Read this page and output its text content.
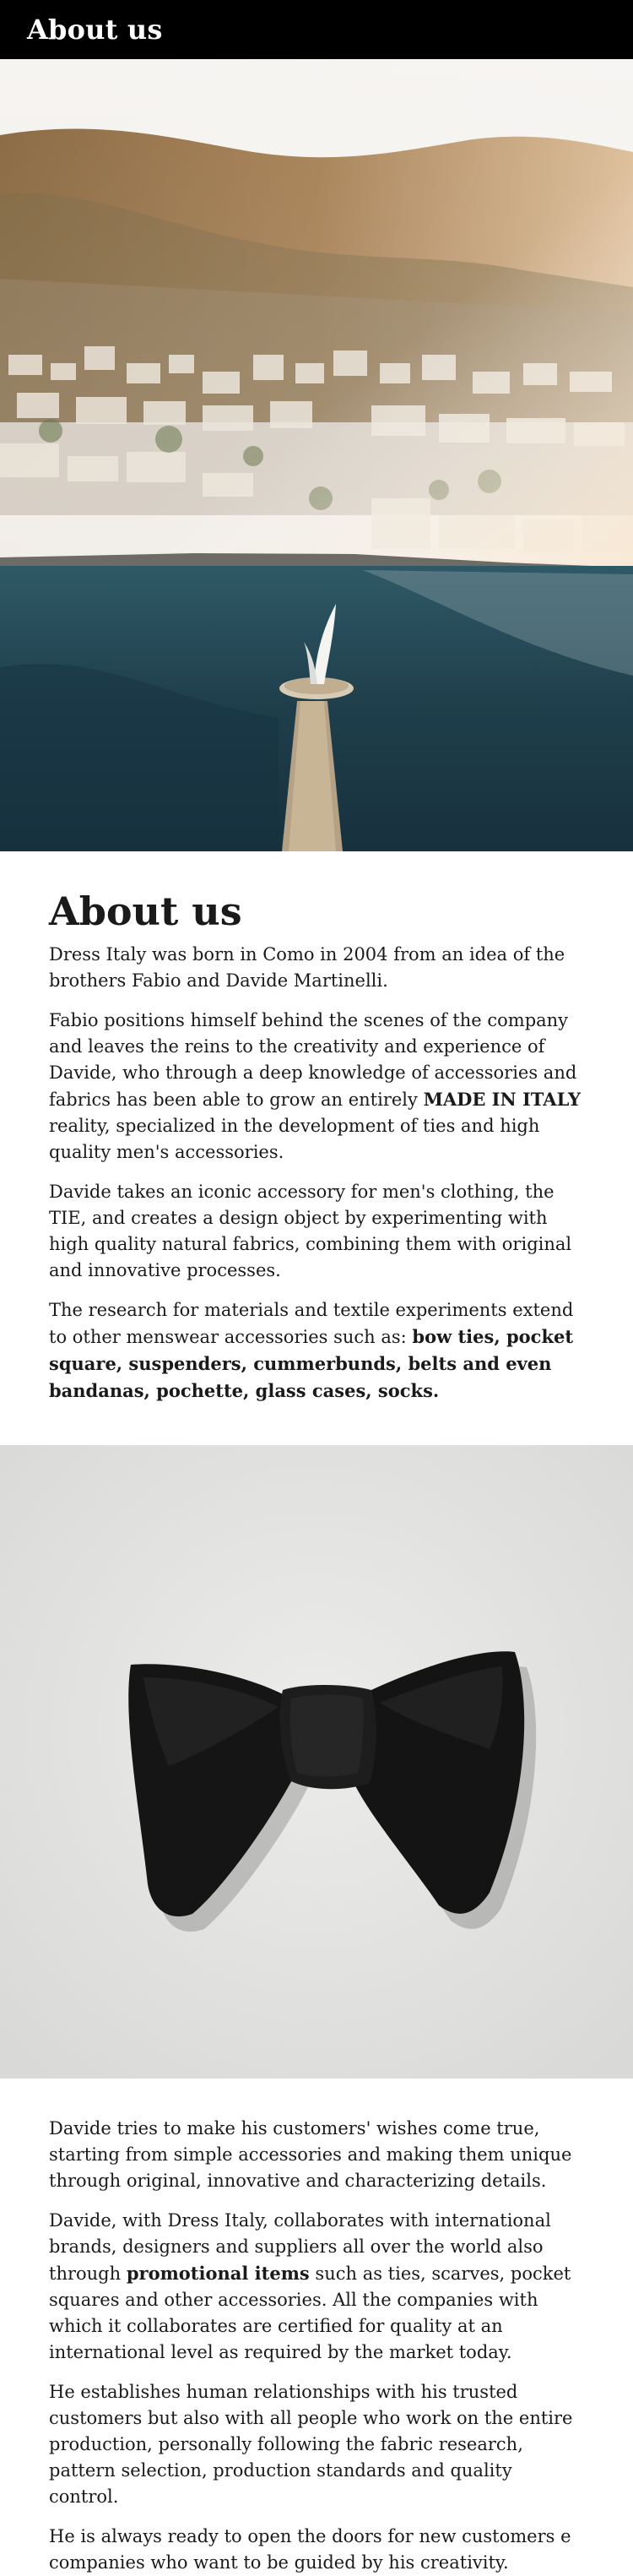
About us
About us

Dress Italy was born in Como in 2004 from an idea of the brothers Fabio and Davide Martinelli.

Fabio positions himself behind the scenes of the company and leaves the reins to the creativity and experience of Davide, who through a deep knowledge of accessories and fabrics has been able to grow an entirely MADE IN ITALY reality, specialized in the development of ties and high quality men's accessories.

Davide takes an iconic accessory for men's clothing, the TIE, and creates a design object by experimenting with high quality natural fabrics, combining them with original and innovative processes.

The research for materials and textile experiments extend to other menswear accessories such as: bow ties, pocket square, suspenders, cummerbunds, belts and even bandanas, pochette, glass cases, socks.

Davide tries to make his customers' wishes come true, starting from simple accessories and making them unique through original, innovative and characterizing details.

Davide, with Dress Italy, collaborates with international brands, designers and suppliers all over the world also through promotional items such as ties, scarves, pocket squares and other accessories. All the companies with which it collaborates are certified for quality at an international level as required by the market today.

He establishes human relationships with his trusted customers but also with all people who work on the entire production, personally following the fabric research, pattern selection, production standards and quality control.

He is always ready to open the doors for new customers e companies who want to be guided by his creativity.
